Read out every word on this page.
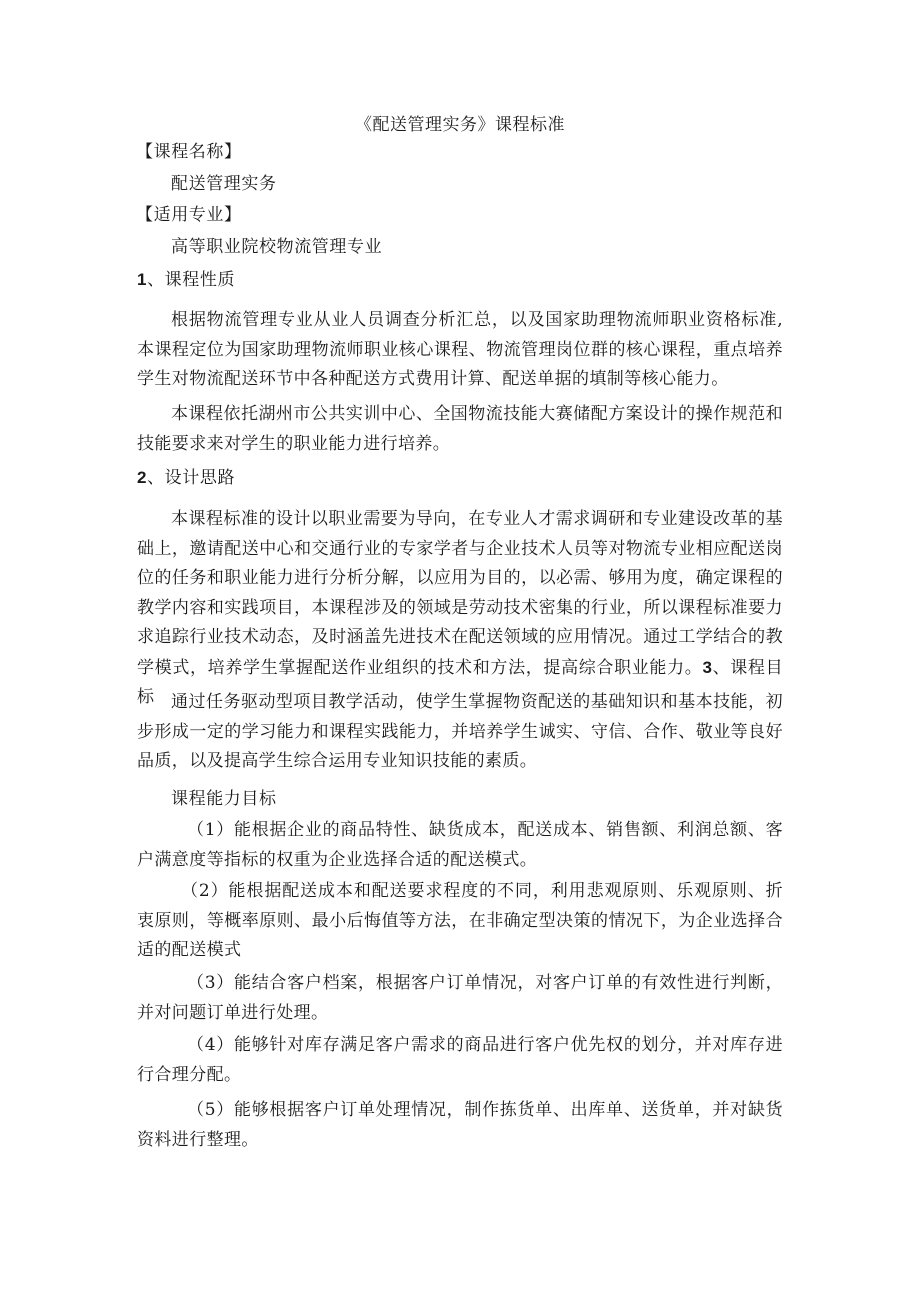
《配送管理实务》课程标准
【课程名称】
配送管理实务
【适用专业】
高等职业院校物流管理专业
1、课程性质
根据物流管理专业从业人员调查分析汇总，以及国家助理物流师职业资格标准,本课程定位为国家助理物流师职业核心课程、物流管理岗位群的核心课程，重点培养学生对物流配送环节中各种配送方式费用计算、配送单据的填制等核心能力。
本课程依托湖州市公共实训中心、全国物流技能大赛储配方案设计的操作规范和技能要求来对学生的职业能力进行培养。
2、设计思路
本课程标准的设计以职业需要为导向，在专业人才需求调研和专业建设改革的基础上，邀请配送中心和交通行业的专家学者与企业技术人员等对物流专业相应配送岗位的任务和职业能力进行分析分解，以应用为目的，以必需、够用为度，确定课程的教学内容和实践项目，本课程涉及的领域是劳动技术密集的行业，所以课程标准要力求追踪行业技术动态，及时涵盖先进技术在配送领域的应用情况。通过工学结合的教学模式，培养学生掌握配送作业组织的技术和方法，提高综合职业能力。3、课程目标 通过任务驱动型项目教学活动，使学生掌握物资配送的基础知识和基本技能，初步形成一定的学习能力和课程实践能力，并培养学生诚实、守信、合作、敬业等良好品质，以及提高学生综合运用专业知识技能的素质。
课程能力目标
（1）能根据企业的商品特性、缺货成本，配送成本、销售额、利润总额、客户满意度等指标的权重为企业选择合适的配送模式。
（2）能根据配送成本和配送要求程度的不同，利用悲观原则、乐观原则、折衷原则，等概率原则、最小后悔值等方法，在非确定型决策的情况下，为企业选择合适的配送模式
（3）能结合客户档案，根据客户订单情况，对客户订单的有效性进行判断，并对问题订单进行处理。
（4）能够针对库存满足客户需求的商品进行客户优先权的划分，并对库存进行合理分配。
（5）能够根据客户订单处理情况，制作拣货单、出库单、送货单，并对缺货资料进行整理。
